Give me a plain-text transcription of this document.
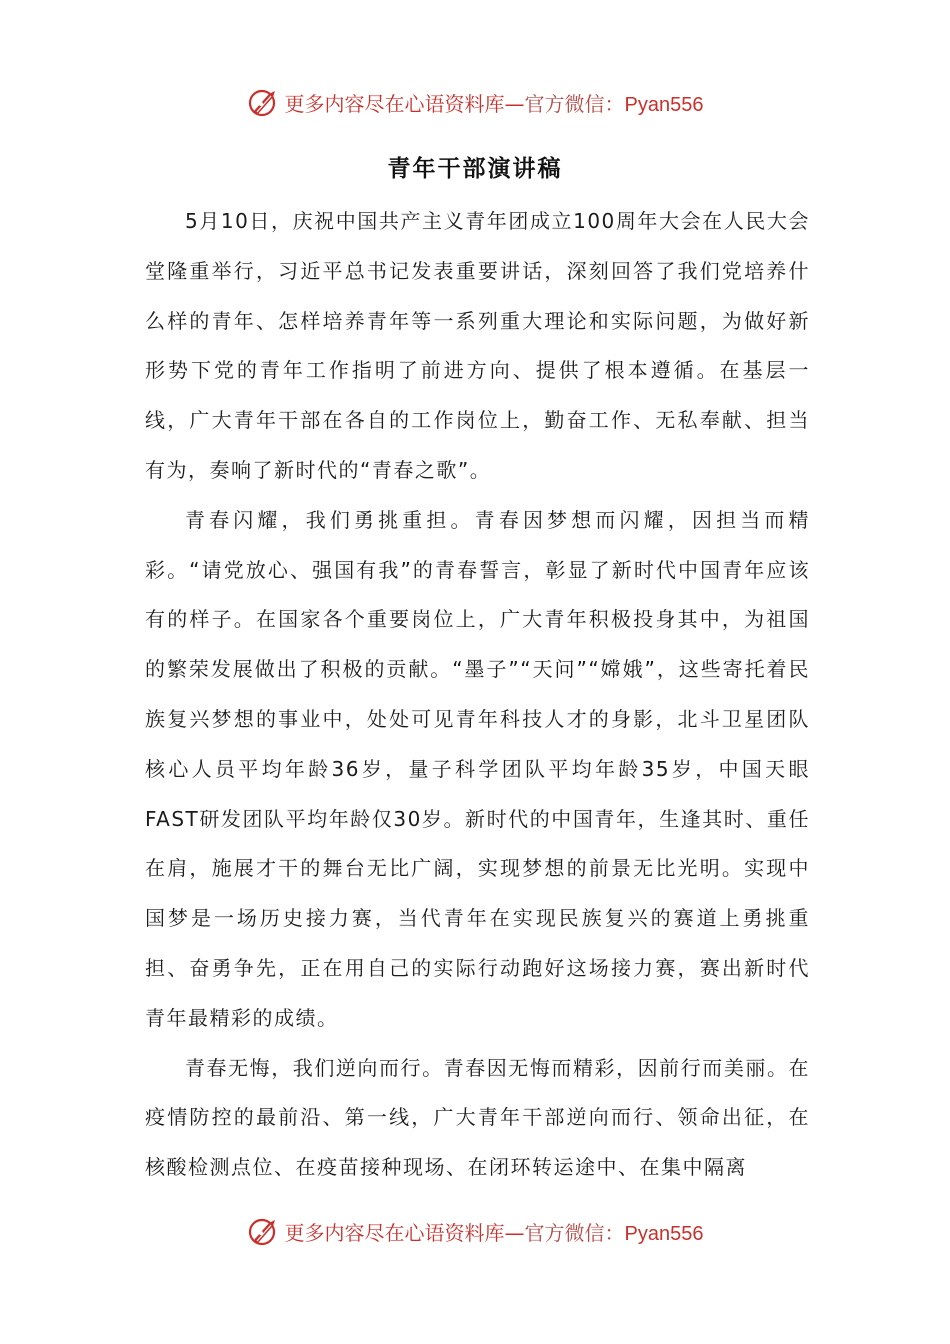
更多内容尽在心语资料库—官方微信：Pyan556
青年干部演讲稿

5月10日，庆祝中国共产主义青年团成立100周年大会在人民大会堂隆重举行，习近平总书记发表重要讲话，深刻回答了我们党培养什么样的青年、怎样培养青年等一系列重大理论和实际问题，为做好新形势下党的青年工作指明了前进方向、提供了根本遵循。在基层一线，广大青年干部在各自的工作岗位上，勤奋工作、无私奉献、担当有为，奏响了新时代的“青春之歌”。

青春闪耀，我们勇挑重担。青春因梦想而闪耀，因担当而精彩。“请党放心、强国有我”的青春誓言，彰显了新时代中国青年应该有的样子。在国家各个重要岗位上，广大青年积极投身其中，为祖国的繁荣发展做出了积极的贡献。“墨子”“天问”“嫦娥”，这些寄托着民族复兴梦想的事业中，处处可见青年科技人才的身影，北斗卫星团队核心人员平均年龄36岁，量子科学团队平均年龄35岁，中国天眼FAST研发团队平均年龄仅30岁。新时代的中国青年，生逢其时、重任在肩，施展才干的舞台无比广阔，实现梦想的前景无比光明。实现中国梦是一场历史接力赛，当代青年在实现民族复兴的赛道上勇挑重担、奋勇争先，正在用自己的实际行动跑好这场接力赛，赛出新时代青年最精彩的成绩。

青春无悔，我们逆向而行。青春因无悔而精彩，因前行而美丽。在疫情防控的最前沿、第一线，广大青年干部逆向而行、领命出征，在核酸检测点位、在疫苗接种现场、在闭环转运途中、在集中隔离

更多内容尽在心语资料库—官方微信：Pyan556
